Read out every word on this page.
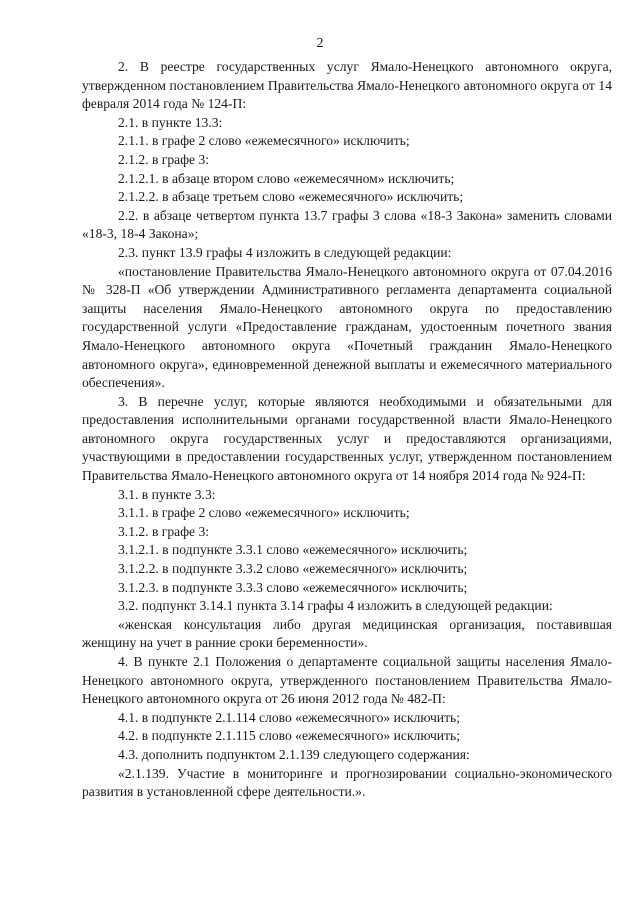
2

2. В реестре государственных услуг Ямало-Ненецкого автономного округа, утвержденном постановлением Правительства Ямало-Ненецкого автономного округа от 14 февраля 2014 года № 124-П:

2.1. в пункте 13.3:

2.1.1. в графе 2 слово «ежемесячного» исключить;

2.1.2. в графе 3:

2.1.2.1. в абзаце втором слово «ежемесячном» исключить;

2.1.2.2. в абзаце третьем слово «ежемесячного» исключить;

2.2. в абзаце четвертом пункта 13.7 графы 3 слова «18-3 Закона» заменить словами «18-3, 18-4 Закона»;

2.3. пункт 13.9 графы 4 изложить в следующей редакции:

«постановление Правительства Ямало-Ненецкого автономного округа от 07.04.2016 № 328-П «Об утверждении Административного регламента департамента социальной защиты населения Ямало-Ненецкого автономного округа по предоставлению государственной услуги «Предоставление гражданам, удостоенным почетного звания Ямало-Ненецкого автономного округа «Почетный гражданин Ямало-Ненецкого автономного округа», единовременной денежной выплаты и ежемесячного материального обеспечения».

3. В перечне услуг, которые являются необходимыми и обязательными для предоставления исполнительными органами государственной власти Ямало-Ненецкого автономного округа государственных услуг и предоставляются организациями, участвующими в предоставлении государственных услуг, утвержденном постановлением Правительства Ямало-Ненецкого автономного округа от 14 ноября 2014 года № 924-П:

3.1. в пункте 3.3:

3.1.1. в графе 2 слово «ежемесячного» исключить;

3.1.2. в графе 3:

3.1.2.1. в подпункте 3.3.1 слово «ежемесячного» исключить;

3.1.2.2. в подпункте 3.3.2 слово «ежемесячного» исключить;

3.1.2.3. в подпункте 3.3.3 слово «ежемесячного» исключить;

3.2. подпункт 3.14.1 пункта 3.14 графы 4 изложить в следующей редакции:

«женская консультация либо другая медицинская организация, поставившая женщину на учет в ранние сроки беременности».

4. В пункте 2.1 Положения о департаменте социальной защиты населения Ямало-Ненецкого автономного округа, утвержденного постановлением Правительства Ямало-Ненецкого автономного округа от 26 июня 2012 года № 482-П:

4.1. в подпункте 2.1.114 слово «ежемесячного» исключить;

4.2. в подпункте 2.1.115 слово «ежемесячного» исключить;

4.3. дополнить подпунктом 2.1.139 следующего содержания:

«2.1.139. Участие в мониторинге и прогнозировании социально-экономического развития в установленной сфере деятельности.».
